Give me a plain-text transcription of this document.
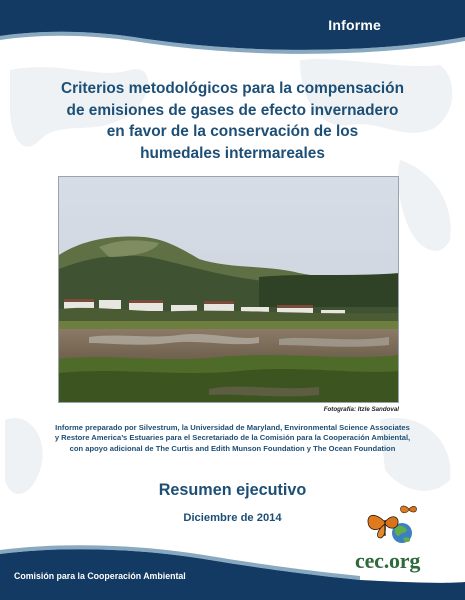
Informe
Criterios metodológicos para la compensación
de emisiones de gases de efecto invernadero
en favor de la conservación de los
humedales intermareales
Fotografía: Itzle Sandoval
Informe preparado por Silvestrum, la Universidad de Maryland, Environmental Science Associates
y Restore America’s Estuaries para el Secretariado de la Comisión para la Cooperación Ambiental,
con apoyo adicional de The Curtis and Edith Munson Foundation y The Ocean Foundation
Resumen ejecutivo
Diciembre de 2014
Comisión para la Cooperación Ambiental
cec.org
